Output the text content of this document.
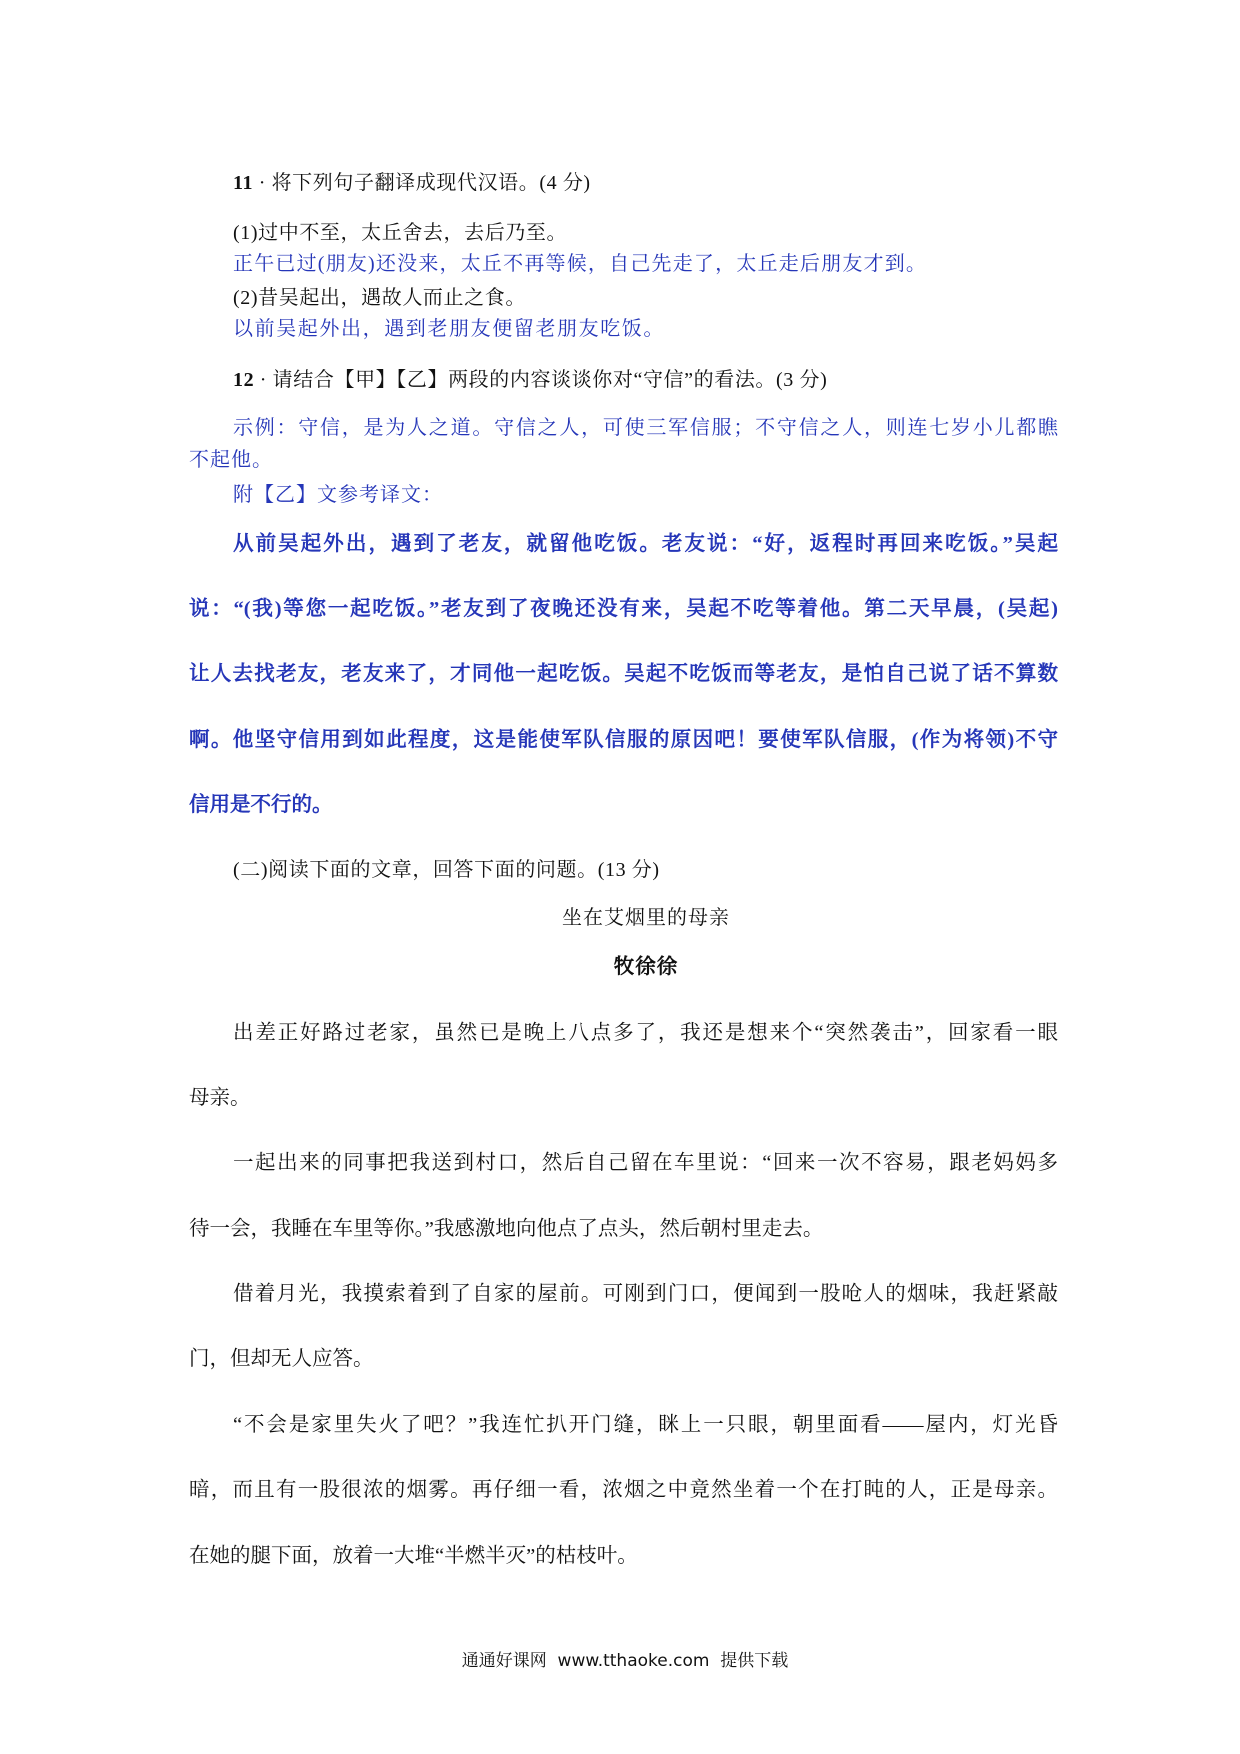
11 · 将下列句子翻译成现代汉语。(4 分)
(1)过中不至，太丘舍去，去后乃至。
正午已过(朋友)还没来，太丘不再等候，自己先走了，太丘走后朋友才到。
(2)昔吴起出，遇故人而止之食。
以前吴起外出，遇到老朋友便留老朋友吃饭。
12 · 请结合【甲】【乙】两段的内容谈谈你对“守信”的看法。(3 分)
示例：守信，是为人之道。守信之人，可使三军信服；不守信之人，则连七岁小儿都瞧
不起他。
附【乙】文参考译文：
从前吴起外出，遇到了老友，就留他吃饭。老友说：“好，返程时再回来吃饭。”吴起
说：“(我)等您一起吃饭。”老友到了夜晚还没有来，吴起不吃等着他。第二天早晨，(吴起)
让人去找老友，老友来了，才同他一起吃饭。吴起不吃饭而等老友，是怕自己说了话不算数
啊。他坚守信用到如此程度，这是能使军队信服的原因吧！要使军队信服，(作为将领)不守
信用是不行的。
(二)阅读下面的文章，回答下面的问题。(13 分)
坐在艾烟里的母亲
牧徐徐
出差正好路过老家，虽然已是晚上八点多了，我还是想来个“突然袭击”，回家看一眼
母亲。
一起出来的同事把我送到村口，然后自己留在车里说：“回来一次不容易，跟老妈妈多
待一会，我睡在车里等你。”我感激地向他点了点头，然后朝村里走去。
借着月光，我摸索着到了自家的屋前。可刚到门口，便闻到一股呛人的烟味，我赶紧敲
门，但却无人应答。
“不会是家里失火了吧？”我连忙扒开门缝，眯上一只眼，朝里面看——屋内，灯光昏
暗，而且有一股很浓的烟雾。再仔细一看，浓烟之中竟然坐着一个在打盹的人，正是母亲。
在她的腿下面，放着一大堆“半燃半灭”的枯枝叶。
通通好课网  www.tthaoke.com  提供下载
